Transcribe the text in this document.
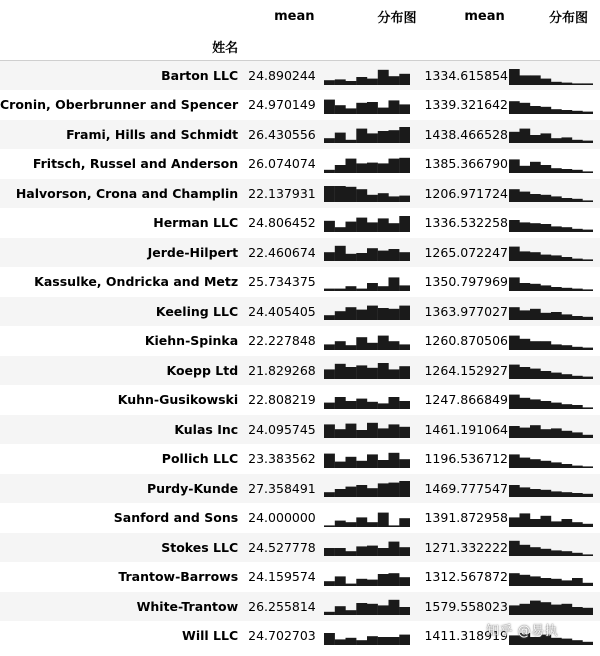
	mean	分布图	mean	分布图
姓名				
Barton LLC	24.890244		1334.615854	

Cronin, Oberbrunner and Spencer	24.970149		1339.321642	

Frami, Hills and Schmidt	26.430556		1438.466528	

Fritsch, Russel and Anderson	26.074074		1385.366790	

Halvorson, Crona and Champlin	22.137931		1206.971724	

Herman LLC	24.806452		1336.532258	

Jerde-Hilpert	22.460674		1265.072247	

Kassulke, Ondricka and Metz	25.734375		1350.797969	

Keeling LLC	24.405405		1363.977027	

Kiehn-Spinka	22.227848		1260.870506	

Koepp Ltd	21.829268		1264.152927	

Kuhn-Gusikowski	22.808219		1247.866849	

Kulas Inc	24.095745		1461.191064	

Pollich LLC	23.383562		1196.536712	

Purdy-Kunde	27.358491		1469.777547	

Sanford and Sons	24.000000		1391.872958	

Stokes LLC	24.527778		1271.332222	

Trantow-Barrows	24.159574		1312.567872	

White-Trantow	26.255814		1579.558023	

Will LLC	24.702703		1411.318919	
知乎 @易执
